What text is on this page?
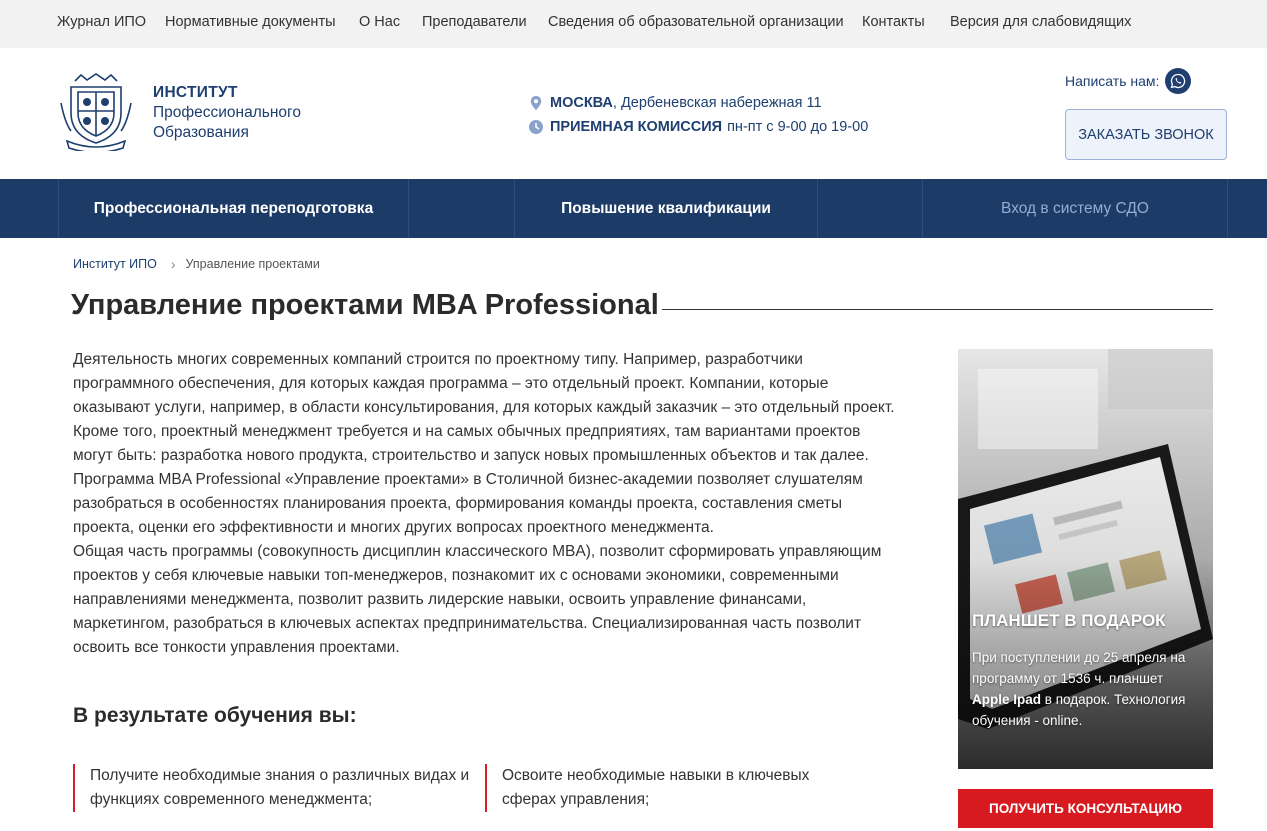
Журнал ИПО Нормативные документы О Нас Преподаватели Сведения об образовательной организации Контакты Версия для слабовидящих
ИНСТИТУТ
Профессионального
Образования
МОСКВА , Дербеневская набережная 11
ПРИЕМНАЯ КОМИССИЯ пн-пт с 9-00 до 19-00
Написать нам:
ЗАКАЗАТЬ ЗВОНОК
Профессиональная переподготовка	Повышение квалификации	Вход в систему СДО
Институт ИПО › Управление проектами
Управление проектами MBA Professional

Деятельность многих современных компаний строится по проектному типу. Например, разработчики программного обеспечения, для которых каждая программа – это отдельный проект. Компании, которые оказывают услуги, например, в области консультирования, для которых каждый заказчик – это отдельный проект. Кроме того, проектный менеджмент требуется и на самых обычных предприятиях, там вариантами проектов могут быть: разработка нового продукта, строительство и запуск новых промышленных объектов и так далее. Программа MBA Professional «Управление проектами» в Столичной бизнес-академии позволяет слушателям разобраться в особенностях планирования проекта, формирования команды проекта, составления сметы проекта, оценки его эффективности и многих других вопросах проектного менеджмента.

Общая часть программы (совокупность дисциплин классического MBA), позволит сформировать управляющим проектов у себя ключевые навыки топ-менеджеров, познакомит их с основами экономики, современными направлениями менеджмента, позволит развить лидерские навыки, освоить управление финансами, маркетингом, разобраться в ключевых аспектах предпринимательства. Специализированная часть позволит освоить все тонкости управления проектами.

В результате обучения вы:
Получите необходимые знания о различных видах и функциях современного менеджмента;
Освоите необходимые навыки в ключевых сферах управления;
ПЛАНШЕТ В ПОДАРОК
При поступлении до 25 апреля на программу от 1536 ч. планшет Apple Ipad в подарок. Технология обучения - online.
ПОЛУЧИТЬ КОНСУЛЬТАЦИЮ
